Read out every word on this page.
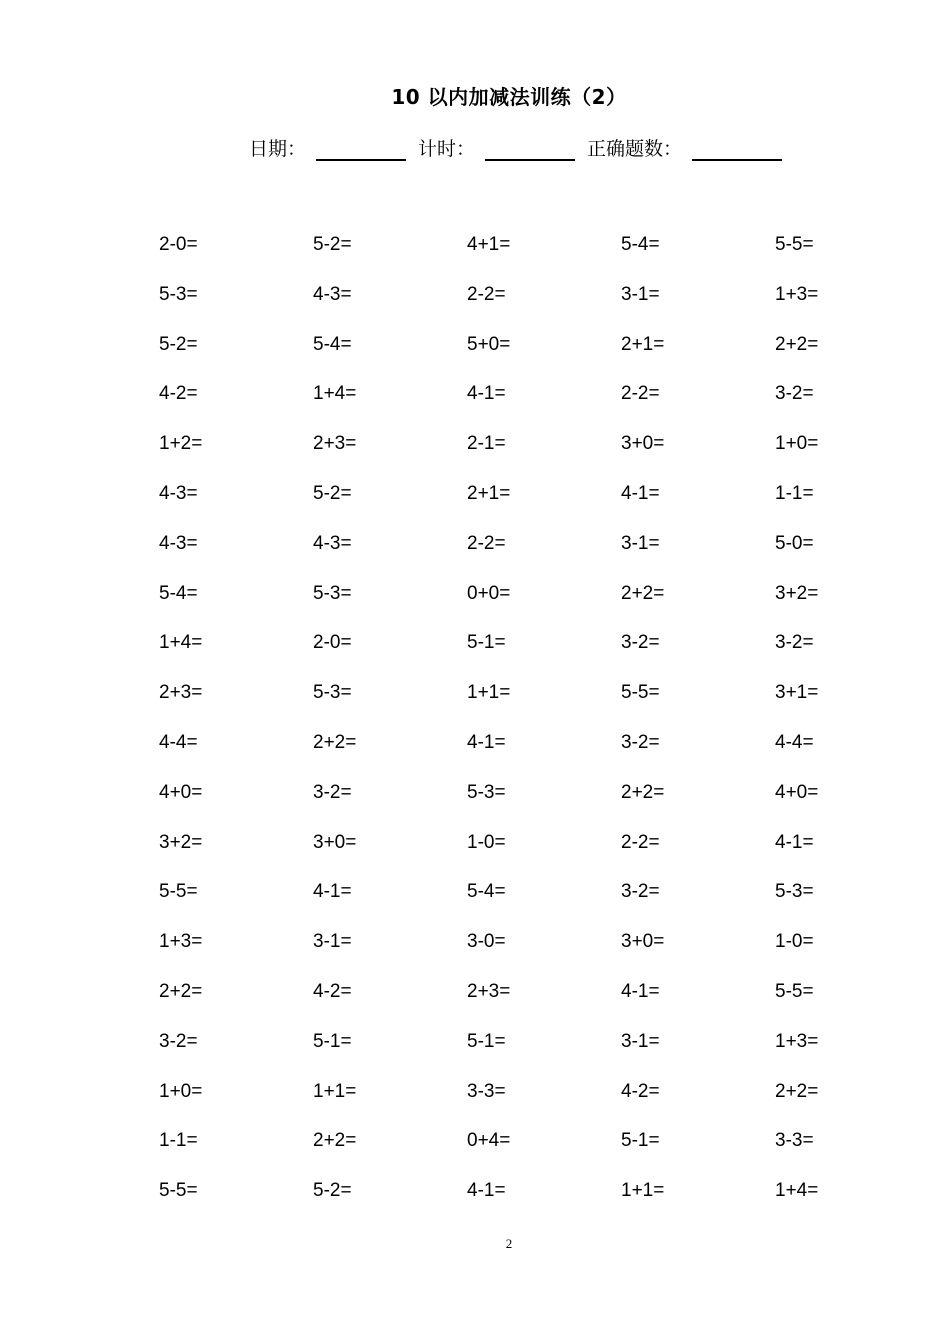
10 以内加减法训练（2）
日期：	计时：	正确题数：
2-0=	5-2=	4+1=	5-4=	5-5=
5-3=	4-3=	2-2=	3-1=	1+3=
5-2=	5-4=	5+0=	2+1=	2+2=
4-2=	1+4=	4-1=	2-2=	3-2=
1+2=	2+3=	2-1=	3+0=	1+0=
4-3=	5-2=	2+1=	4-1=	1-1=
4-3=	4-3=	2-2=	3-1=	5-0=
5-4=	5-3=	0+0=	2+2=	3+2=
1+4=	2-0=	5-1=	3-2=	3-2=
2+3=	5-3=	1+1=	5-5=	3+1=
4-4=	2+2=	4-1=	3-2=	4-4=
4+0=	3-2=	5-3=	2+2=	4+0=
3+2=	3+0=	1-0=	2-2=	4-1=
5-5=	4-1=	5-4=	3-2=	5-3=
1+3=	3-1=	3-0=	3+0=	1-0=
2+2=	4-2=	2+3=	4-1=	5-5=
3-2=	5-1=	5-1=	3-1=	1+3=
1+0=	1+1=	3-3=	4-2=	2+2=
1-1=	2+2=	0+4=	5-1=	3-3=
5-5=	5-2=	4-1=	1+1=	1+4=
2
